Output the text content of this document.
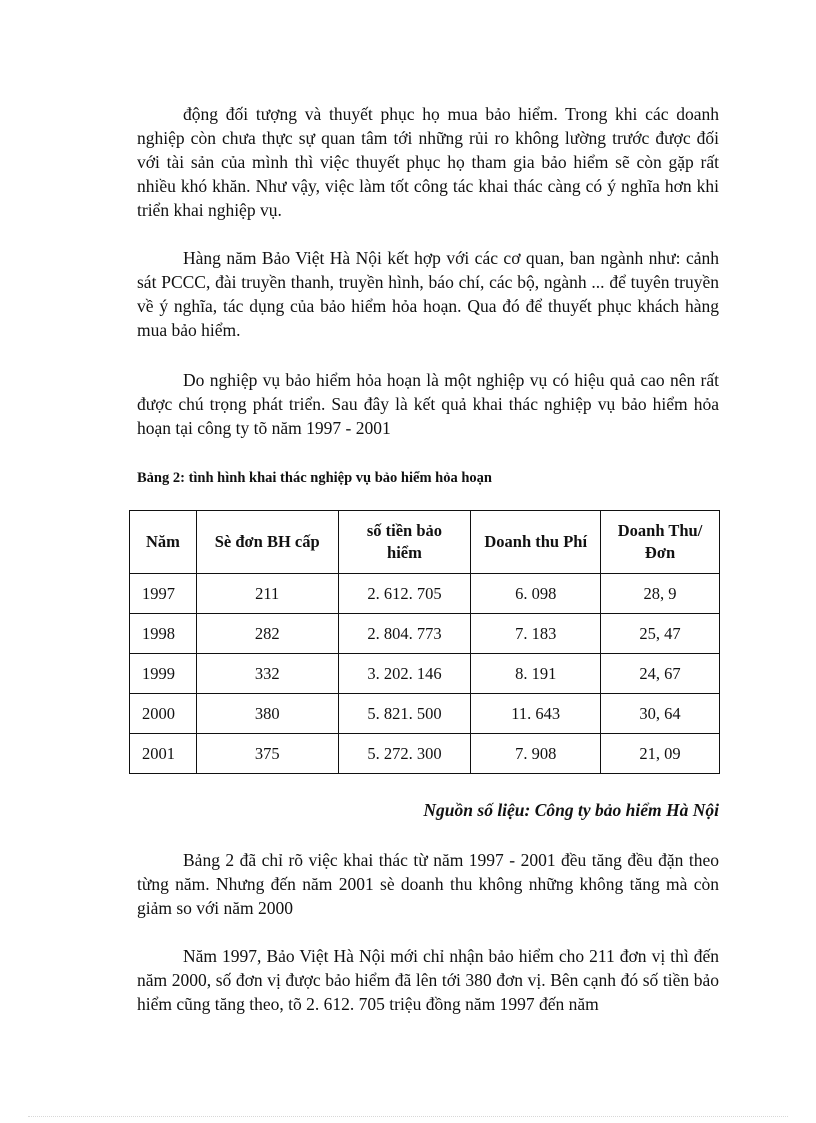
động đối tượng và thuyết phục họ mua bảo hiểm. Trong khi các doanh nghiệp còn chưa thực sự quan tâm tới những rủi ro không lường trước được đối với tài sản của mình thì việc thuyết phục họ tham gia bảo hiểm sẽ còn gặp rất nhiều khó khăn. Như vậy, việc làm tốt công tác khai thác càng có ý nghĩa hơn khi triển khai nghiệp vụ.

Hàng năm Bảo Việt Hà Nội kết hợp với các cơ quan, ban ngành như: cảnh sát PCCC, đài truyền thanh, truyền hình, báo chí, các bộ, ngành ... để tuyên truyền về ý nghĩa, tác dụng của bảo hiểm hỏa hoạn. Qua đó để thuyết phục khách hàng mua bảo hiểm.

Do nghiệp vụ bảo hiểm hỏa hoạn là một nghiệp vụ có hiệu quả cao nên rất được chú trọng phát triển. Sau đây là kết quả khai thác nghiệp vụ bảo hiểm hỏa hoạn tại công ty tõ năm 1997 - 2001

Bảng 2: tình hình khai thác nghiệp vụ bảo hiểm hỏa hoạn

Năm	Sè đơn BH cấp	số tiền bảo hiểm	Doanh thu Phí	Doanh Thu/ Đơn

1997	211	2. 612. 705	6. 098	28, 9
1998	282	2. 804. 773	7. 183	25, 47
1999	332	3. 202. 146	8. 191	24, 67
2000	380	5. 821. 500	11. 643	30, 64
2001	375	5. 272. 300	7. 908	21, 09

Nguồn số liệu: Công ty bảo hiểm Hà Nội

Bảng 2 đã chỉ rõ việc khai thác từ năm 1997 - 2001 đều tăng đều đặn theo từng năm. Nhưng đến năm 2001 sè doanh thu không những không tăng mà còn giảm so với năm 2000

Năm 1997, Bảo Việt Hà Nội mới chỉ nhận bảo hiểm cho 211 đơn vị thì đến năm 2000, số đơn vị được bảo hiểm đã lên tới 380 đơn vị. Bên cạnh đó số tiền bảo hiểm cũng tăng theo, tõ 2. 612. 705 triệu đồng năm 1997 đến năm
